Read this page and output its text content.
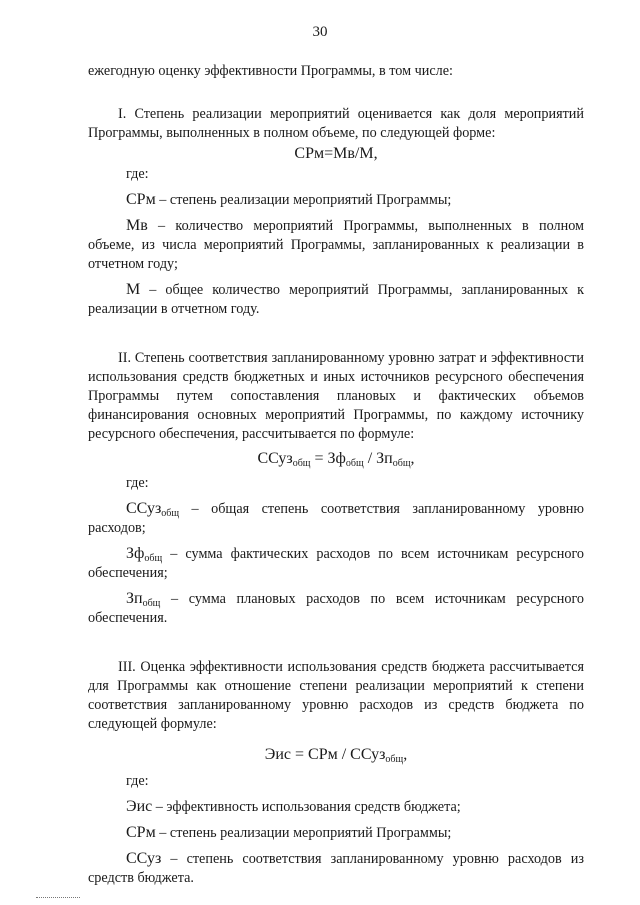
30

ежегодную оценку эффективности Программы, в том числе:

I. Степень реализации мероприятий оценивается как доля мероприятий Программы, выполненных в полном объеме, по следующей форме:

СРм=Мв/М,

где:

СРм – степень реализации мероприятий Программы;

Мв – количество мероприятий Программы, выполненных в полном объеме, из числа мероприятий Программы, запланированных к реализации в отчетном году;

М – общее количество мероприятий Программы, запланированных к реализации в отчетном году.

II. Степень соответствия запланированному уровню затрат и эффективности использования средств бюджетных и иных источников ресурсного обеспечения Программы путем сопоставления плановых и фактических объемов финансирования основных мероприятий Программы, по каждому источнику ресурсного обеспечения, рассчитывается по формуле:

ССуз$_{общ}$ = $Зф_{общ} / Зп_{общ}$,

где:

ССуз$_{общ}$ – общая степень соответствия запланированному уровню расходов;

$Зф_{общ}$ – сумма фактических расходов по всем источникам ресурсного обеспечения;

$Зп_{общ}$ – сумма плановых расходов по всем источникам ресурсного обеспечения.

III. Оценка эффективности использования средств бюджета рассчитывается для Программы как отношение степени реализации мероприятий к степени соответствия запланированному уровню расходов из средств бюджета по следующей формуле:

Эис = СРм / ССуз$_{общ}$,

где:

Эис – эффективность использования средств бюджета;

СРм – степень реализации мероприятий Программы;

ССуз – степень соответствия запланированному уровню расходов из средств бюджета.
